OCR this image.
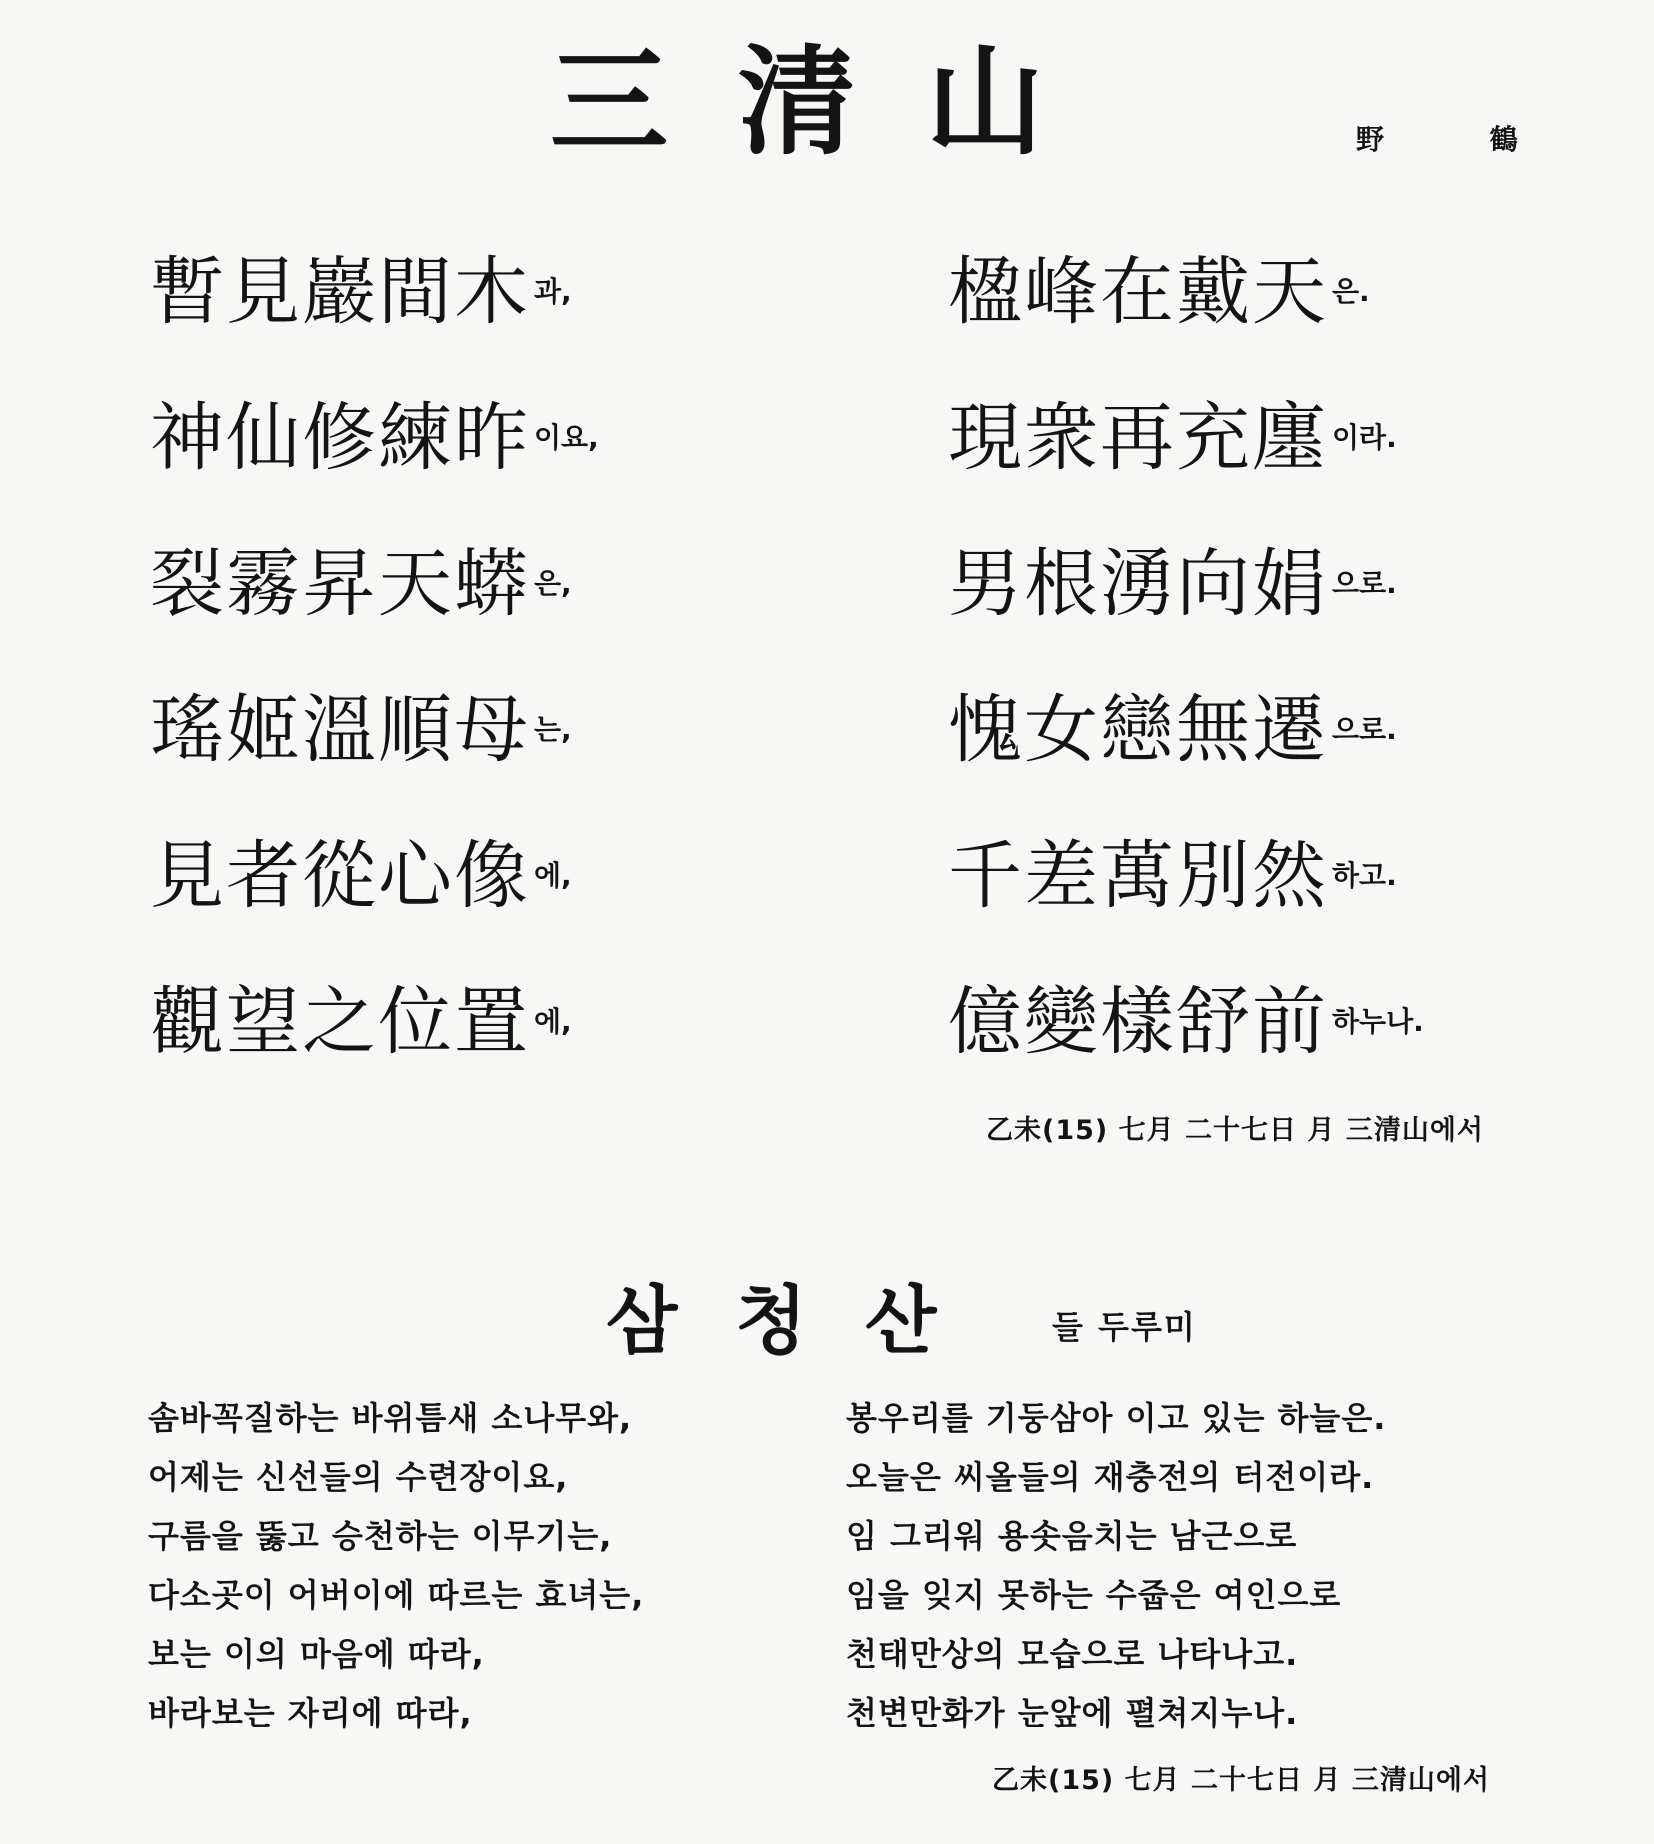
三清山	野 鶴
暫見巖間木 과,
神仙修練昨 이요,
裂霧昇天蟒 은,
瑤姬溫順母 는,
見者從心像 에,
觀望之位置 에,
楹峰在戴天 은.
現衆再充廛 이라.
男根湧向娟 으로.
愧女戀無遷 으로.
千差萬別然 하고.
億變樣舒前 하누나.
乙未(15) 七月 二十七日 月 三清山에서
삼청산 들 두루미
솜바꼭질하는 바위틈새 소나무와,
어제는 신선들의 수련장이요,
구름을 뚫고 승천하는 이무기는,
다소곳이 어버이에 따르는 효녀는,
보는 이의 마음에 따라,
바라보는 자리에 따라,
봉우리를 기둥삼아 이고 있는 하늘은.
오늘은 씨올들의 재충전의 터전이라.
임 그리워 용솟음치는 남근으로
임을 잊지 못하는 수줍은 여인으로
천태만상의 모습으로 나타나고.
천변만화가 눈앞에 펼쳐지누나.
乙未(15) 七月 二十七日 月 三清山에서
